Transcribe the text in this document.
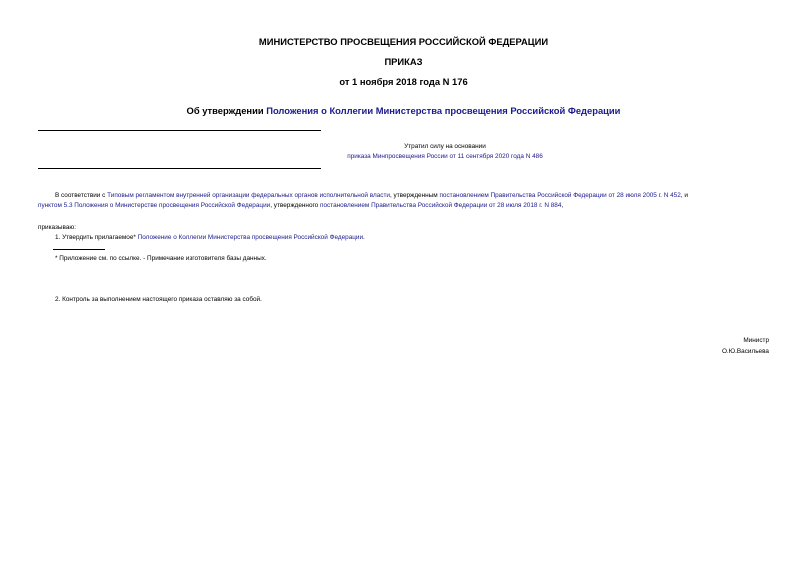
МИНИСТЕРСТВО ПРОСВЕЩЕНИЯ РОССИЙСКОЙ ФЕДЕРАЦИИ
ПРИКАЗ
от 1 ноября 2018 года N 176
Об утверждении Положения о Коллегии Министерства просвещения Российской Федерации
Утратил силу на основании
приказа Минпросвещения России от 11 сентября 2020 года N 486
В соответствии с Типовым регламентом внутренней организации федеральных органов исполнительной власти, утвержденным постановлением Правительства Российской Федерации от 28 июля 2005 г. N 452, и
пунктом 5.3 Положения о Министерстве просвещения Российской Федерации, утвержденного постановлением Правительства Российской Федерации от 28 июля 2018 г. N 884,
приказываю:
1. Утвердить прилагаемое* Положение о Коллегии Министерства просвещения Российской Федерации.
* Приложение см. по ссылке. - Примечание изготовителя базы данных.
2. Контроль за выполнением настоящего приказа оставляю за собой.
Министр
О.Ю.Васильева
